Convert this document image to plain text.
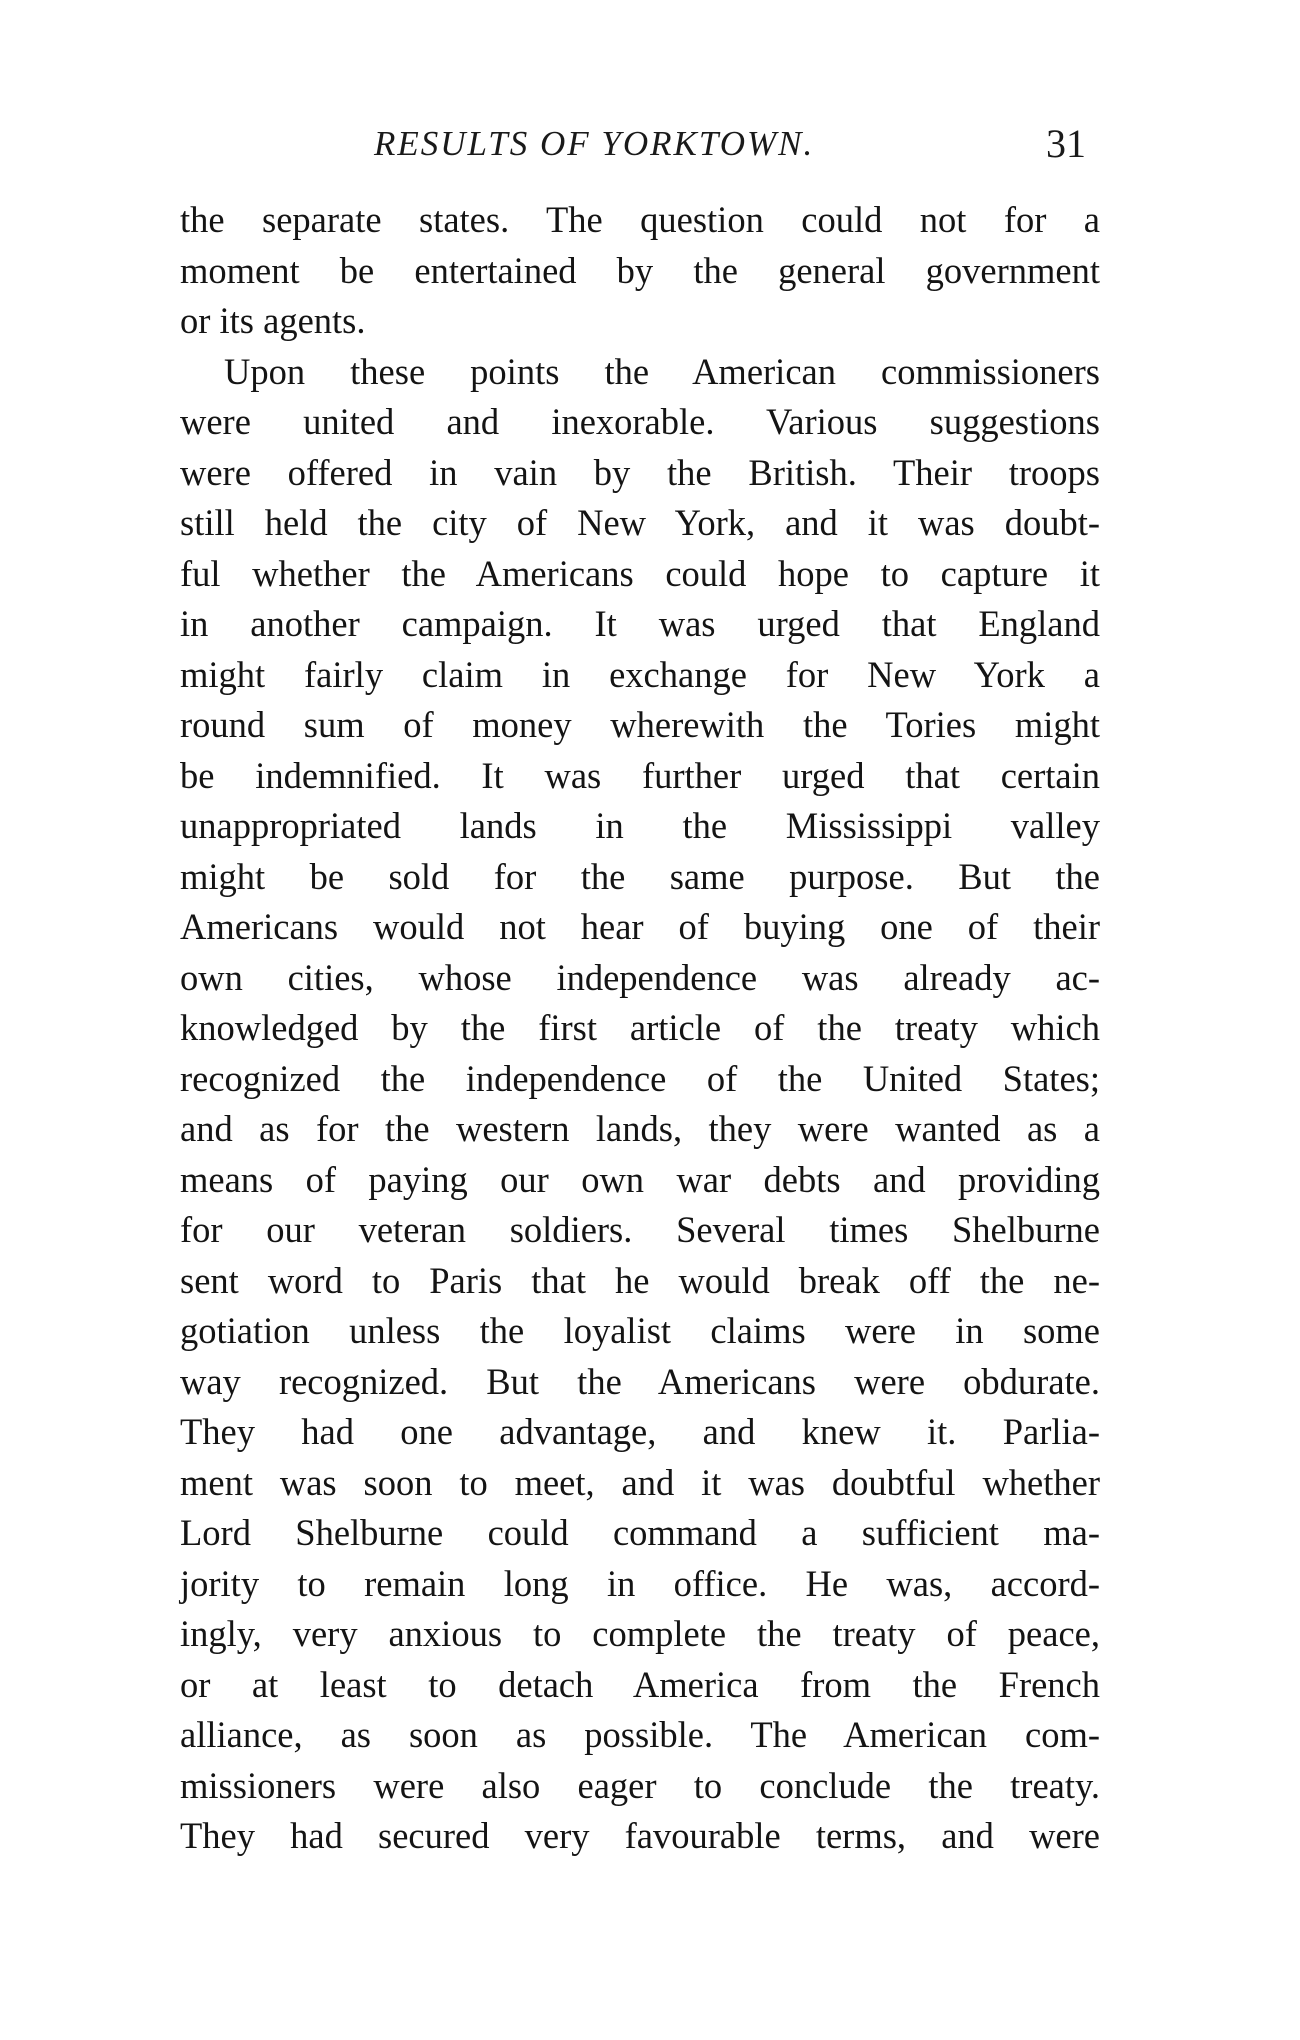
RESULTS OF YORKTOWN.	31
the separate states. The question could not for a
moment be entertained by the general government
or its agents.
Upon these points the American commissioners
were united and inexorable. Various suggestions
were offered in vain by the British. Their troops
still held the city of New York, and it was doubt-
ful whether the Americans could hope to capture it
in another campaign. It was urged that England
might fairly claim in exchange for New York a
round sum of money wherewith the Tories might
be indemnified. It was further urged that certain
unappropriated lands in the Mississippi valley
might be sold for the same purpose. But the
Americans would not hear of buying one of their
own cities, whose independence was already ac-
knowledged by the first article of the treaty which
recognized the independence of the United States;
and as for the western lands, they were wanted as a
means of paying our own war debts and providing
for our veteran soldiers. Several times Shelburne
sent word to Paris that he would break off the ne-
gotiation unless the loyalist claims were in some
way recognized. But the Americans were obdurate.
They had one advantage, and knew it. Parlia-
ment was soon to meet, and it was doubtful whether
Lord Shelburne could command a sufficient ma-
jority to remain long in office. He was, accord-
ingly, very anxious to complete the treaty of peace,
or at least to detach America from the French
alliance, as soon as possible. The American com-
missioners were also eager to conclude the treaty.
They had secured very favourable terms, and were
